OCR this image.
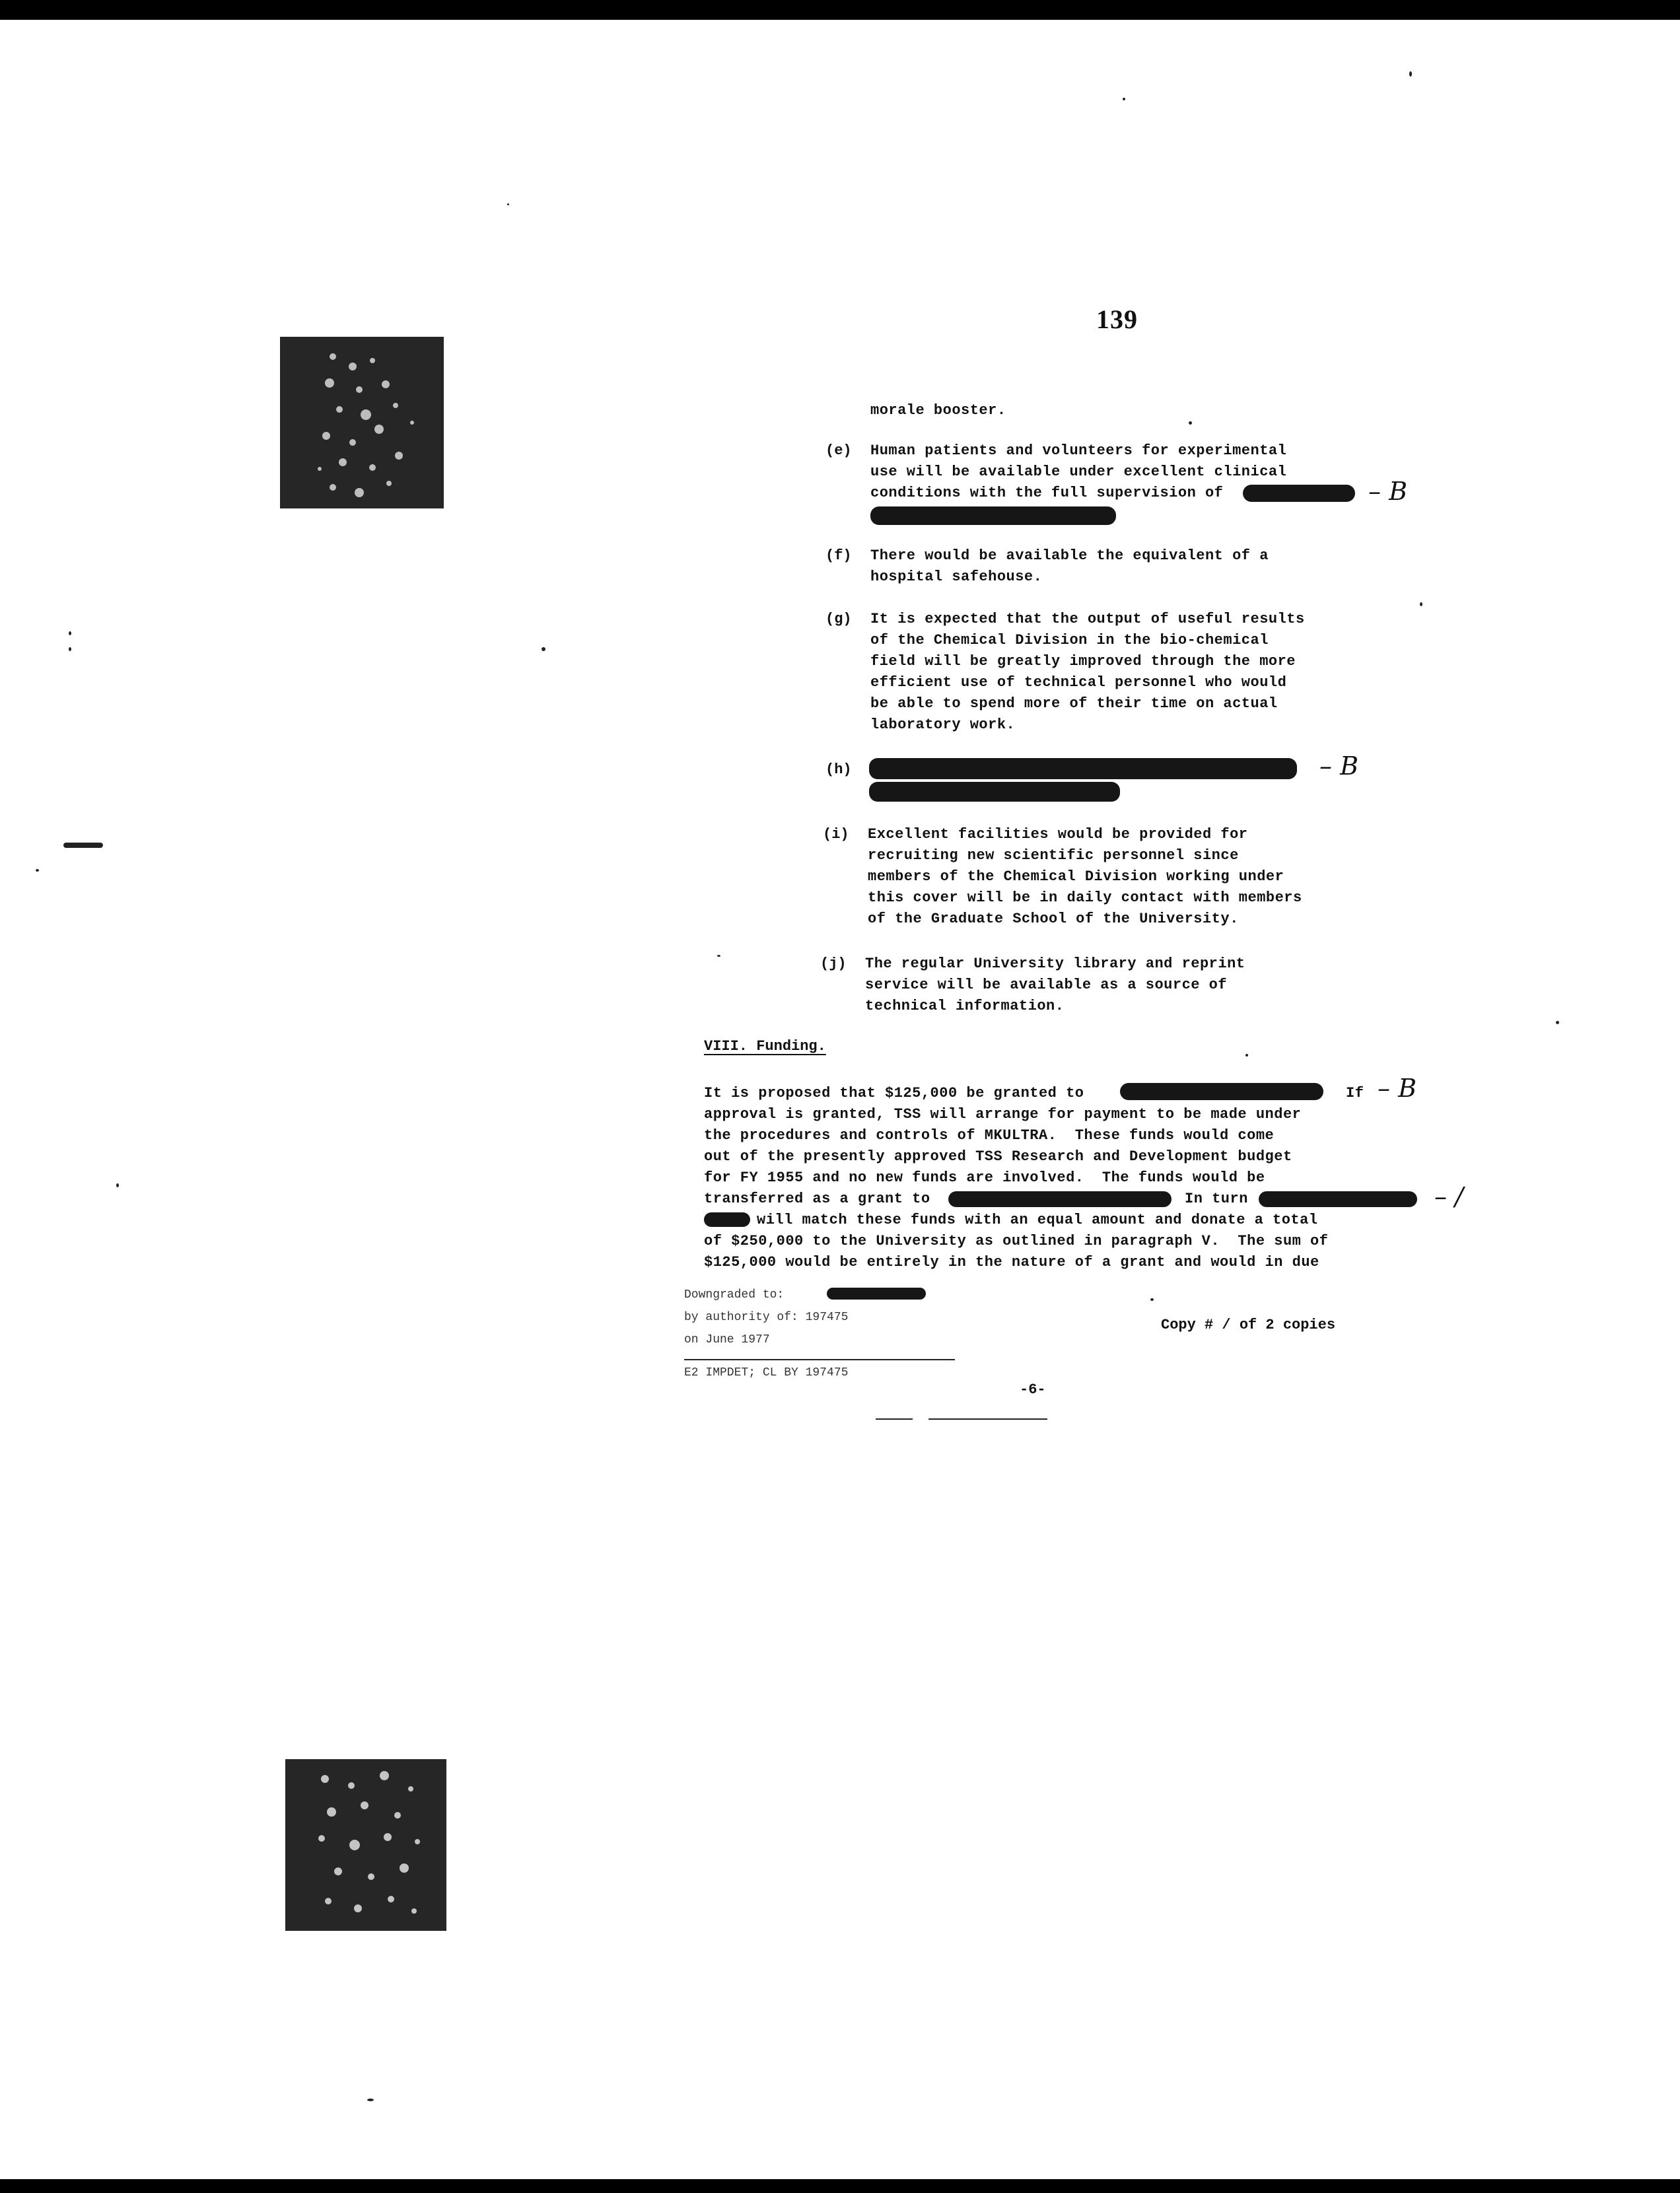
139
morale booster.
(e) Human patients and volunteers for experimental
use will be available under excellent clinical
conditions with the full supervision of	– B
(f) There would be available the equivalent of a
hospital safehouse.
(g) It is expected that the output of useful results
of the Chemical Division in the bio-chemical
field will be greatly improved through the more
efficient use of technical personnel who would
be able to spend more of their time on actual
laboratory work.
(h)	– B
(i) Excellent facilities would be provided for
recruiting new scientific personnel since
members of the Chemical Division working under
this cover will be in daily contact with members
of the Graduate School of the University.
(j) The regular University library and reprint
service will be available as a source of
technical information.
VIII. Funding.
It is proposed that $125,000 be granted to	If – B
approval is granted, TSS will arrange for payment to be made under
the procedures and controls of MKULTRA.  These funds would come
out of the presently approved TSS Research and Development budget
for FY 1955 and no new funds are involved.  The funds would be
transferred as a grant to	In turn	– /
will match these funds with an equal amount and donate a total
of $250,000 to the University as outlined in paragraph V.  The sum of
$125,000 would be entirely in the nature of a grant and would in due
Downgraded to:
by authority of: 197475
on June 1977
E2 IMPDET; CL BY 197475
Copy # / of 2 copies
-6-
